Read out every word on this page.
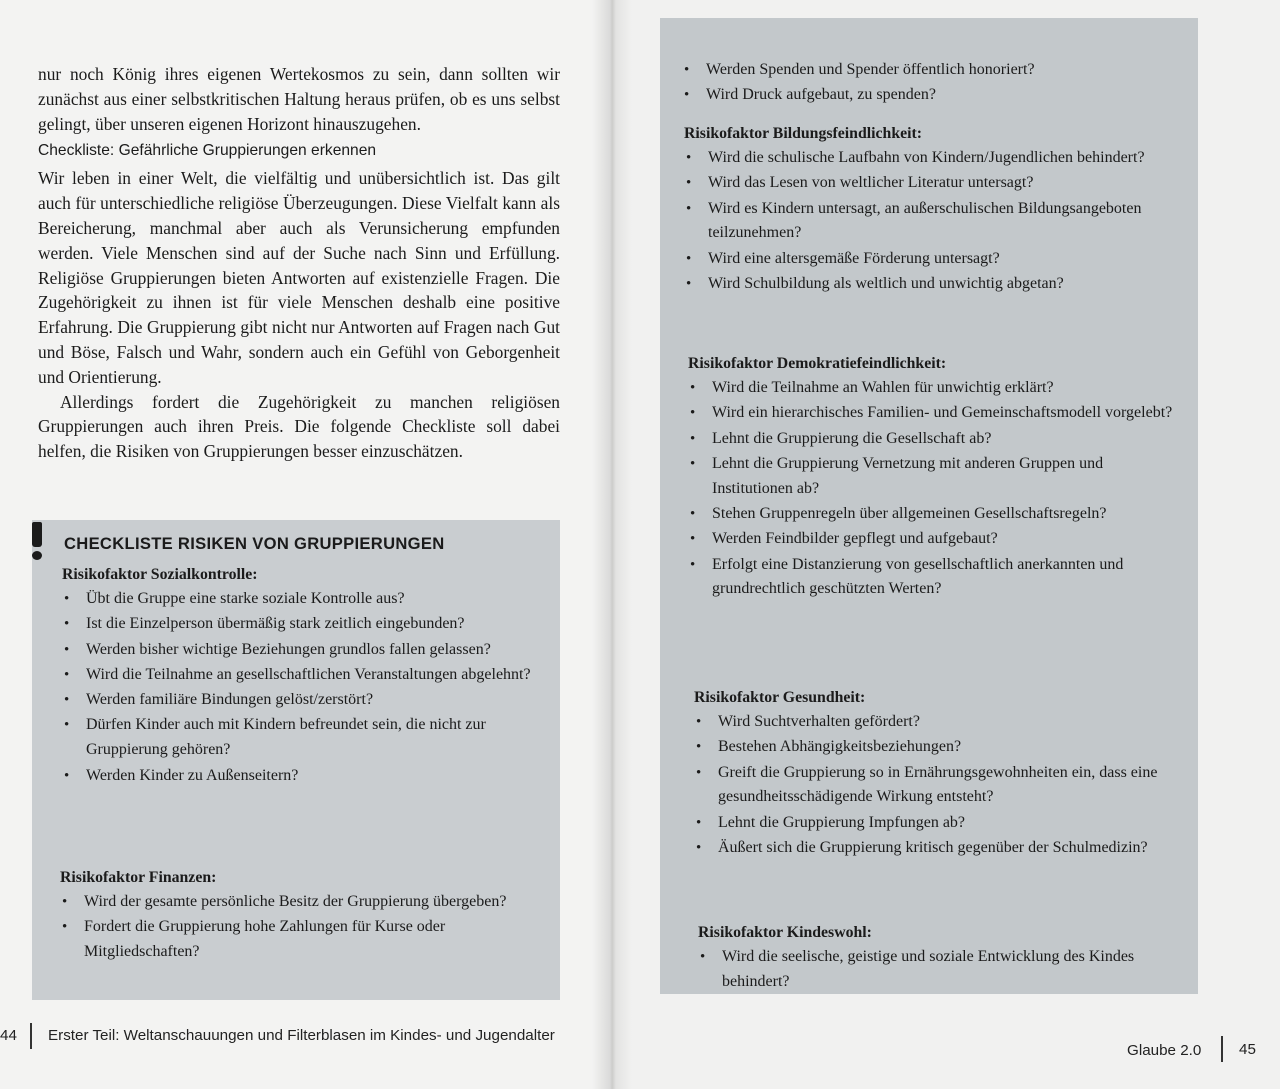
nur noch König ihres eigenen Wertekosmos zu sein, dann sollten wir zunächst aus einer selbstkritischen Haltung heraus prüfen, ob es uns selbst gelingt, über unseren eigenen Horizont hinauszugehen.

Checkliste: Gefährliche Gruppierungen erkennen

Wir leben in einer Welt, die vielfältig und unübersichtlich ist. Das gilt auch für unterschiedliche religiöse Überzeugungen. Diese Vielfalt kann als Bereicherung, manchmal aber auch als Verunsicherung empfunden werden. Viele Menschen sind auf der Suche nach Sinn und Erfüllung. Religiöse Gruppierungen bieten Antworten auf existenzielle Fragen. Die Zugehörigkeit zu ihnen ist für viele Menschen deshalb eine positive Erfahrung. Die Gruppierung gibt nicht nur Antworten auf Fragen nach Gut und Böse, Falsch und Wahr, sondern auch ein Gefühl von Geborgenheit und Orientierung.

Allerdings fordert die Zugehörigkeit zu manchen religiösen Gruppierungen auch ihren Preis. Die folgende Checkliste soll dabei helfen, die Risiken von Gruppierungen besser einzuschätzen.

CHECKLISTE RISIKEN VON GRUPPIERUNGEN
Risikofaktor Sozialkontrolle:
• Übt die Gruppe eine starke soziale Kontrolle aus?
• Ist die Einzelperson übermäßig stark zeitlich eingebunden?
• Werden bisher wichtige Beziehungen grundlos fallen gelassen?
• Wird die Teilnahme an gesellschaftlichen Veranstaltungen abgelehnt?
• Werden familiäre Bindungen gelöst/zerstört?
• Dürfen Kinder auch mit Kindern befreundet sein, die nicht zur Gruppierung gehören?
• Werden Kinder zu Außenseitern?
Risikofaktor Finanzen:
• Wird der gesamte persönliche Besitz der Gruppierung übergeben?
• Fordert die Gruppierung hohe Zahlungen für Kurse oder Mitgliedschaften?
44 Erster Teil: Weltanschauungen und Filterblasen im Kindes- und Jugendalter
• Werden Spenden und Spender öffentlich honoriert?
• Wird Druck aufgebaut, zu spenden?
Risikofaktor Bildungsfeindlichkeit:
• Wird die schulische Laufbahn von Kindern/Jugendlichen behindert?
• Wird das Lesen von weltlicher Literatur untersagt?
• Wird es Kindern untersagt, an außerschulischen Bildungsangeboten teilzunehmen?
• Wird eine altersgemäße Förderung untersagt?
• Wird Schulbildung als weltlich und unwichtig abgetan?
Risikofaktor Demokratiefeindlichkeit:
• Wird die Teilnahme an Wahlen für unwichtig erklärt?
• Wird ein hierarchisches Familien- und Gemeinschaftsmodell vorgelebt?
• Lehnt die Gruppierung die Gesellschaft ab?
• Lehnt die Gruppierung Vernetzung mit anderen Gruppen und Institutionen ab?
• Stehen Gruppenregeln über allgemeinen Gesellschaftsregeln?
• Werden Feindbilder gepflegt und aufgebaut?
• Erfolgt eine Distanzierung von gesellschaftlich anerkannten und grundrechtlich geschützten Werten?
Risikofaktor Gesundheit:
• Wird Suchtverhalten gefördert?
• Bestehen Abhängigkeitsbeziehungen?
• Greift die Gruppierung so in Ernährungsgewohnheiten ein, dass eine gesundheitsschädigende Wirkung entsteht?
• Lehnt die Gruppierung Impfungen ab?
• Äußert sich die Gruppierung kritisch gegenüber der Schulmedizin?
Risikofaktor Kindeswohl:
• Wird die seelische, geistige und soziale Entwicklung des Kindes behindert?
Glaube 2.0 45
